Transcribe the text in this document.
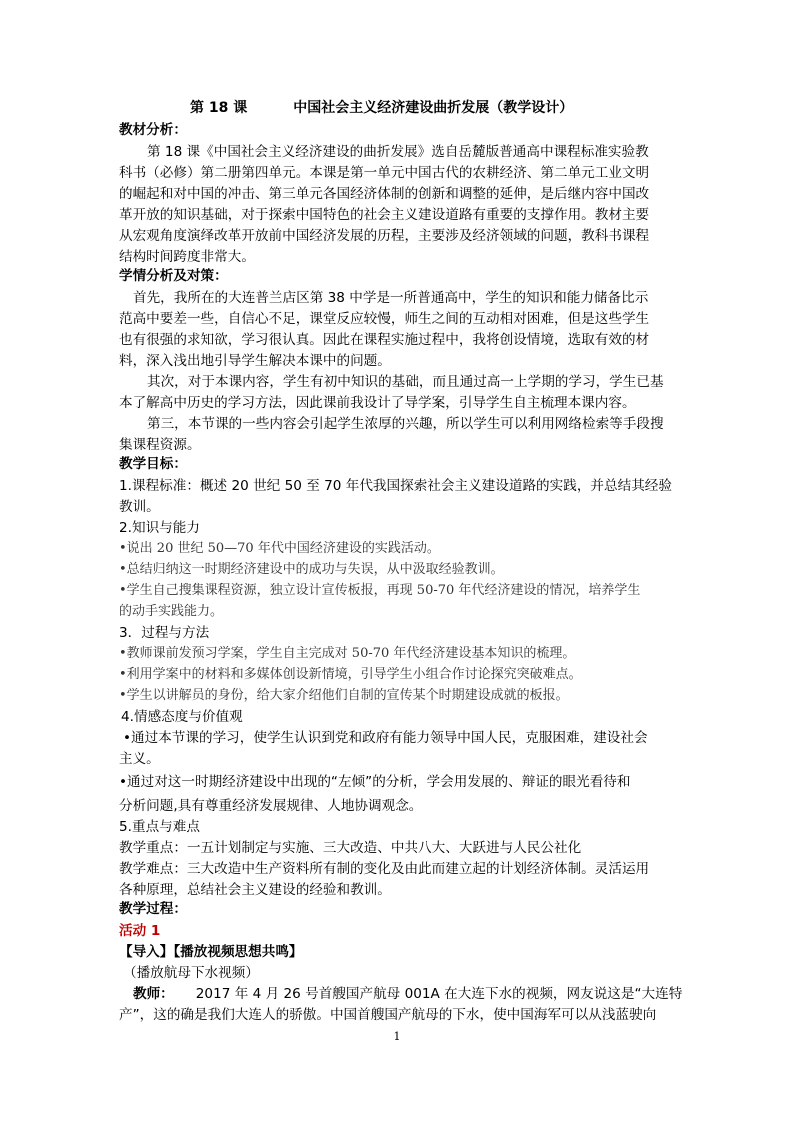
第 18 课	中国社会主义经济建设曲折发展（教学设计）
教材分析：
第 18 课《中国社会主义经济建设的曲折发展》选自岳麓版普通高中课程标准实验教
科书（必修）第二册第四单元。本课是第一单元中国古代的农耕经济、第二单元工业文明
的崛起和对中国的冲击、第三单元各国经济体制的创新和调整的延伸，是后继内容中国改
革开放的知识基础，对于探索中国特色的社会主义建设道路有重要的支撑作用。教材主要
从宏观角度演绎改革开放前中国经济发展的历程，主要涉及经济领域的问题，教科书课程
结构时间跨度非常大。
学情分析及对策：
首先，我所在的大连普兰店区第 38 中学是一所普通高中，学生的知识和能力储备比示
范高中要差一些，自信心不足，课堂反应较慢，师生之间的互动相对困难，但是这些学生
也有很强的求知欲，学习很认真。因此在课程实施过程中，我将创设情境，选取有效的材
料，深入浅出地引导学生解决本课中的问题。
其次，对于本课内容，学生有初中知识的基础，而且通过高一上学期的学习，学生已基
本了解高中历史的学习方法，因此课前我设计了导学案，引导学生自主梳理本课内容。
第三，本节课的一些内容会引起学生浓厚的兴趣，所以学生可以利用网络检索等手段搜
集课程资源。
教学目标：
1.课程标准：概述 20 世纪 50 至 70 年代我国探索社会主义建设道路的实践，并总结其经验
教训。
2.知识与能力
•说出 20 世纪 50—70 年代中国经济建设的实践活动。
•总结归纳这一时期经济建设中的成功与失误，从中汲取经验教训。
•学生自己搜集课程资源，独立设计宣传板报，再现 50-70 年代经济建设的情况，培养学生
的动手实践能力。
3．过程与方法
•教师课前发预习学案，学生自主完成对 50-70 年代经济建设基本知识的梳理。
•利用学案中的材料和多媒体创设新情境，引导学生小组合作讨论探究突破难点。
•学生以讲解员的身份，给大家介绍他们自制的宣传某个时期建设成就的板报。
4.情感态度与价值观
•通过本节课的学习，使学生认识到党和政府有能力领导中国人民，克服困难，建设社会
主义。
•通过对这一时期经济建设中出现的“左倾”的分析，学会用发展的、辩证的眼光看待和
分析问题,具有尊重经济发展规律、人地协调观念。
5.重点与难点
教学重点：一五计划制定与实施、三大改造、中共八大、大跃进与人民公社化
教学难点：三大改造中生产资料所有制的变化及由此而建立起的计划经济体制。灵活运用
各种原理，总结社会主义建设的经验和教训。
教学过程：
活动 1
【导入】【播放视频思想共鸣】
（播放航母下水视频）
教师： 2017 年 4 月 26 号首艘国产航母 001A 在大连下水的视频，网友说这是“大连特
产”，这的确是我们大连人的骄傲。中国首艘国产航母的下水，使中国海军可以从浅蓝驶向
1
